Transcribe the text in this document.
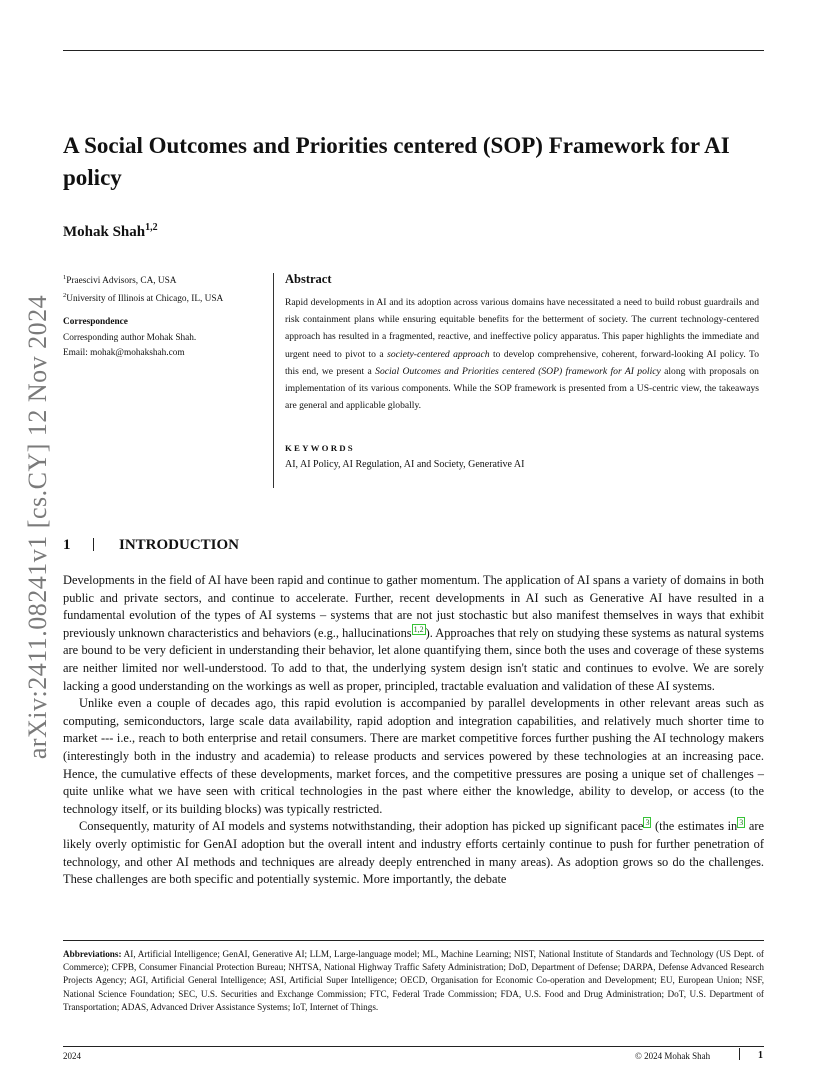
arXiv:2411.08241v1 [cs.CY] 12 Nov 2024
A Social Outcomes and Priorities centered (SOP) Framework for AI policy
Mohak Shah$^{1,2}$
$^1$Praescivi Advisors, CA, USA
$^2$University of Illinois at Chicago, IL, USA
Correspondence
Corresponding author Mohak Shah.
Email: mohak@mohakshah.com
Abstract
Rapid developments in AI and its adoption across various domains have necessitated a need to build robust guardrails and risk containment plans while ensuring equitable benefits for the betterment of society. The current technology-centered approach has resulted in a fragmented, reactive, and ineffective policy apparatus. This paper highlights the immediate and urgent need to pivot to a society-centered approach to develop comprehensive, coherent, forward-looking AI policy. To this end, we present a Social Outcomes and Priorities centered (SOP) framework for AI policy along with proposals on implementation of its various components. While the SOP framework is presented from a US-centric view, the takeaways are general and applicable globally.
KEYWORDS
AI, AI Policy, AI Regulation, AI and Society, Generative AI
1	INTRODUCTION

Developments in the field of AI have been rapid and continue to gather momentum. The application of AI spans a variety of domains in both public and private sectors, and continue to accelerate. Further, recent developments in AI such as Generative AI have resulted in a fundamental evolution of the types of AI systems – systems that are not just stochastic but also manifest themselves in ways that exhibit previously unknown characteristics and behaviors (e.g., hallucinations $^{1,2}$ ). Approaches that rely on studying these systems as natural systems are bound to be very deficient in understanding their behavior, let alone quantifying them, since both the uses and coverage of these systems are neither limited nor well-understood. To add to that, the underlying system design isn't static and continues to evolve. We are sorely lacking a good understanding on the workings as well as proper, principled, tractable evaluation and validation of these AI systems.

Unlike even a couple of decades ago, this rapid evolution is accompanied by parallel developments in other relevant areas such as computing, semiconductors, large scale data availability, rapid adoption and integration capabilities, and relatively much shorter time to market --- i.e., reach to both enterprise and retail consumers. There are market competitive forces further pushing the AI technology makers (interestingly both in the industry and academia) to release products and services powered by these technologies at an increasing pace. Hence, the cumulative effects of these developments, market forces, and the competitive pressures are posing a unique set of challenges – quite unlike what we have seen with critical technologies in the past where either the knowledge, ability to develop, or access (to the technology itself, or its building blocks) was typically restricted.

Consequently, maturity of AI models and systems notwithstanding, their adoption has picked up significant pace $^3$ (the estimates in $^3$ are likely overly optimistic for GenAI adoption but the overall intent and industry efforts certainly continue to push for further penetration of technology, and other AI methods and techniques are already deeply entrenched in many areas). As adoption grows so do the challenges. These challenges are both specific and potentially systemic. More importantly, the debate

Abbreviations: AI, Artificial Intelligence; GenAI, Generative AI; LLM, Large-language model; ML, Machine Learning; NIST, National Institute of Standards and Technology (US Dept. of Commerce); CFPB, Consumer Financial Protection Bureau; NHTSA, National Highway Traffic Safety Administration; DoD, Department of Defense; DARPA, Defense Advanced Research Projects Agency; AGI, Artificial General Intelligence; ASI, Artificial Super Intelligence; OECD, Organisation for Economic Co-operation and Development; EU, European Union; NSF, National Science Foundation; SEC, U.S. Securities and Exchange Commission; FTC, Federal Trade Commission; FDA, U.S. Food and Drug Administration; DoT, U.S. Department of Transportation; ADAS, Advanced Driver Assistance Systems; IoT, Internet of Things.
2024	© 2024 Mohak Shah	1
